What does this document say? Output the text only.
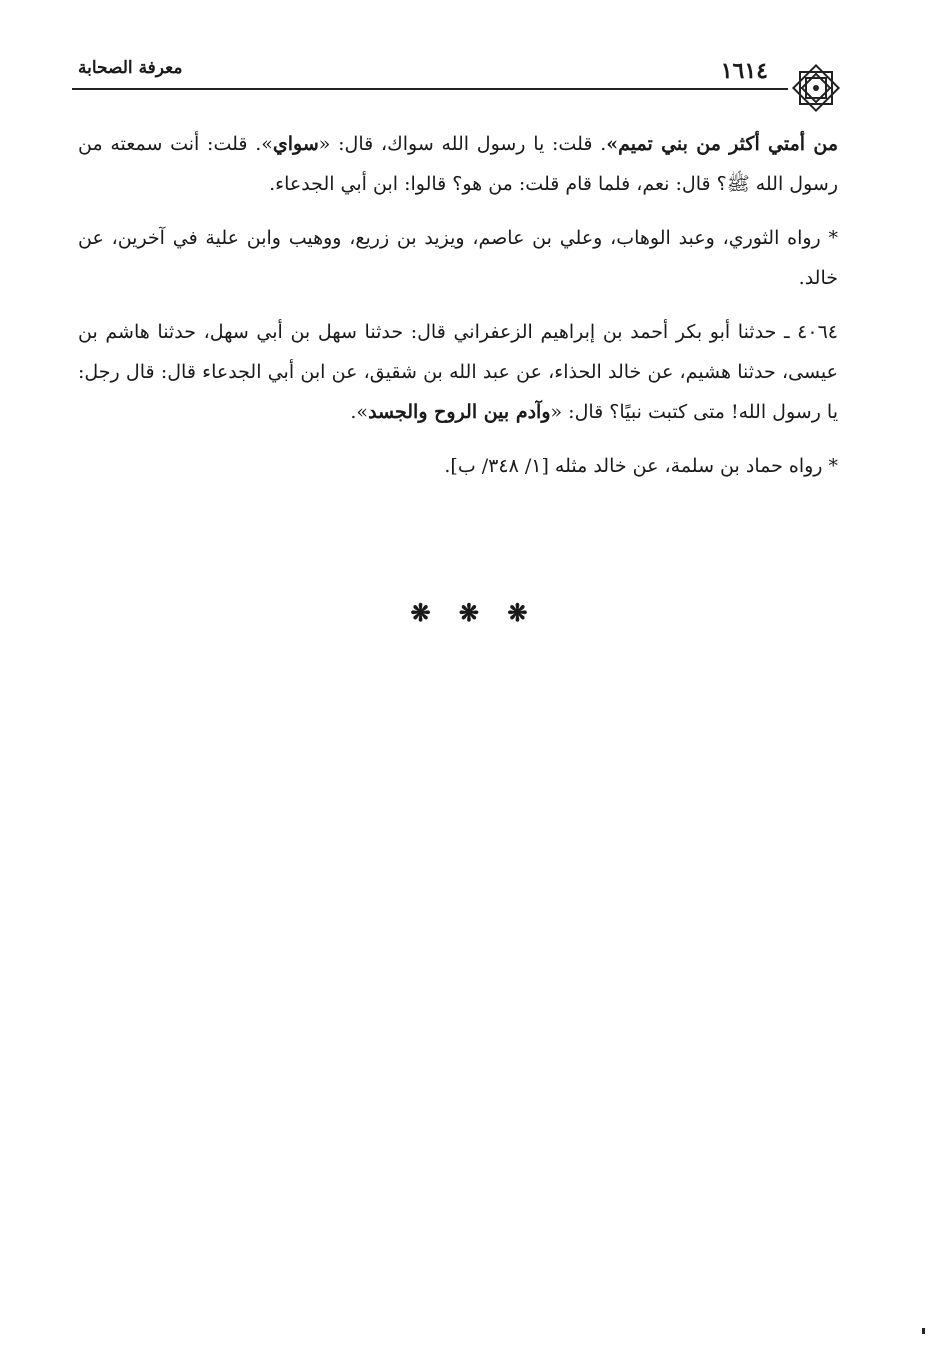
١٦١٤
معرفة الصحابة

من أمتي أكثر من بني تميم». قلت: يا رسول الله سواك، قال: «سواي». قلت: أنت سمعته من رسول الله ﷺ؟ قال: نعم، فلما قام قلت: من هو؟ قالوا: ابن أبي الجدعاء.

* رواه الثوري، وعبد الوهاب، وعلي بن عاصم، ويزيد بن زريع، ووهيب وابن علية في آخرين، عن خالد.

٤٠٦٤ ـ حدثنا أبو بكر أحمد بن إبراهيم الزعفراني قال: حدثنا سهل بن أبي سهل، حدثنا هاشم بن عيسى، حدثنا هشيم، عن خالد الحذاء، عن عبد الله بن شقيق، عن ابن أبي الجدعاء قال: قال رجل: يا رسول الله! متى كتبت نبيًا؟ قال: «وآدم بين الروح والجسد».

* رواه حماد بن سلمة، عن خالد مثله [١/ ٣٤٨/ ب].

❋ ❋ ❋
